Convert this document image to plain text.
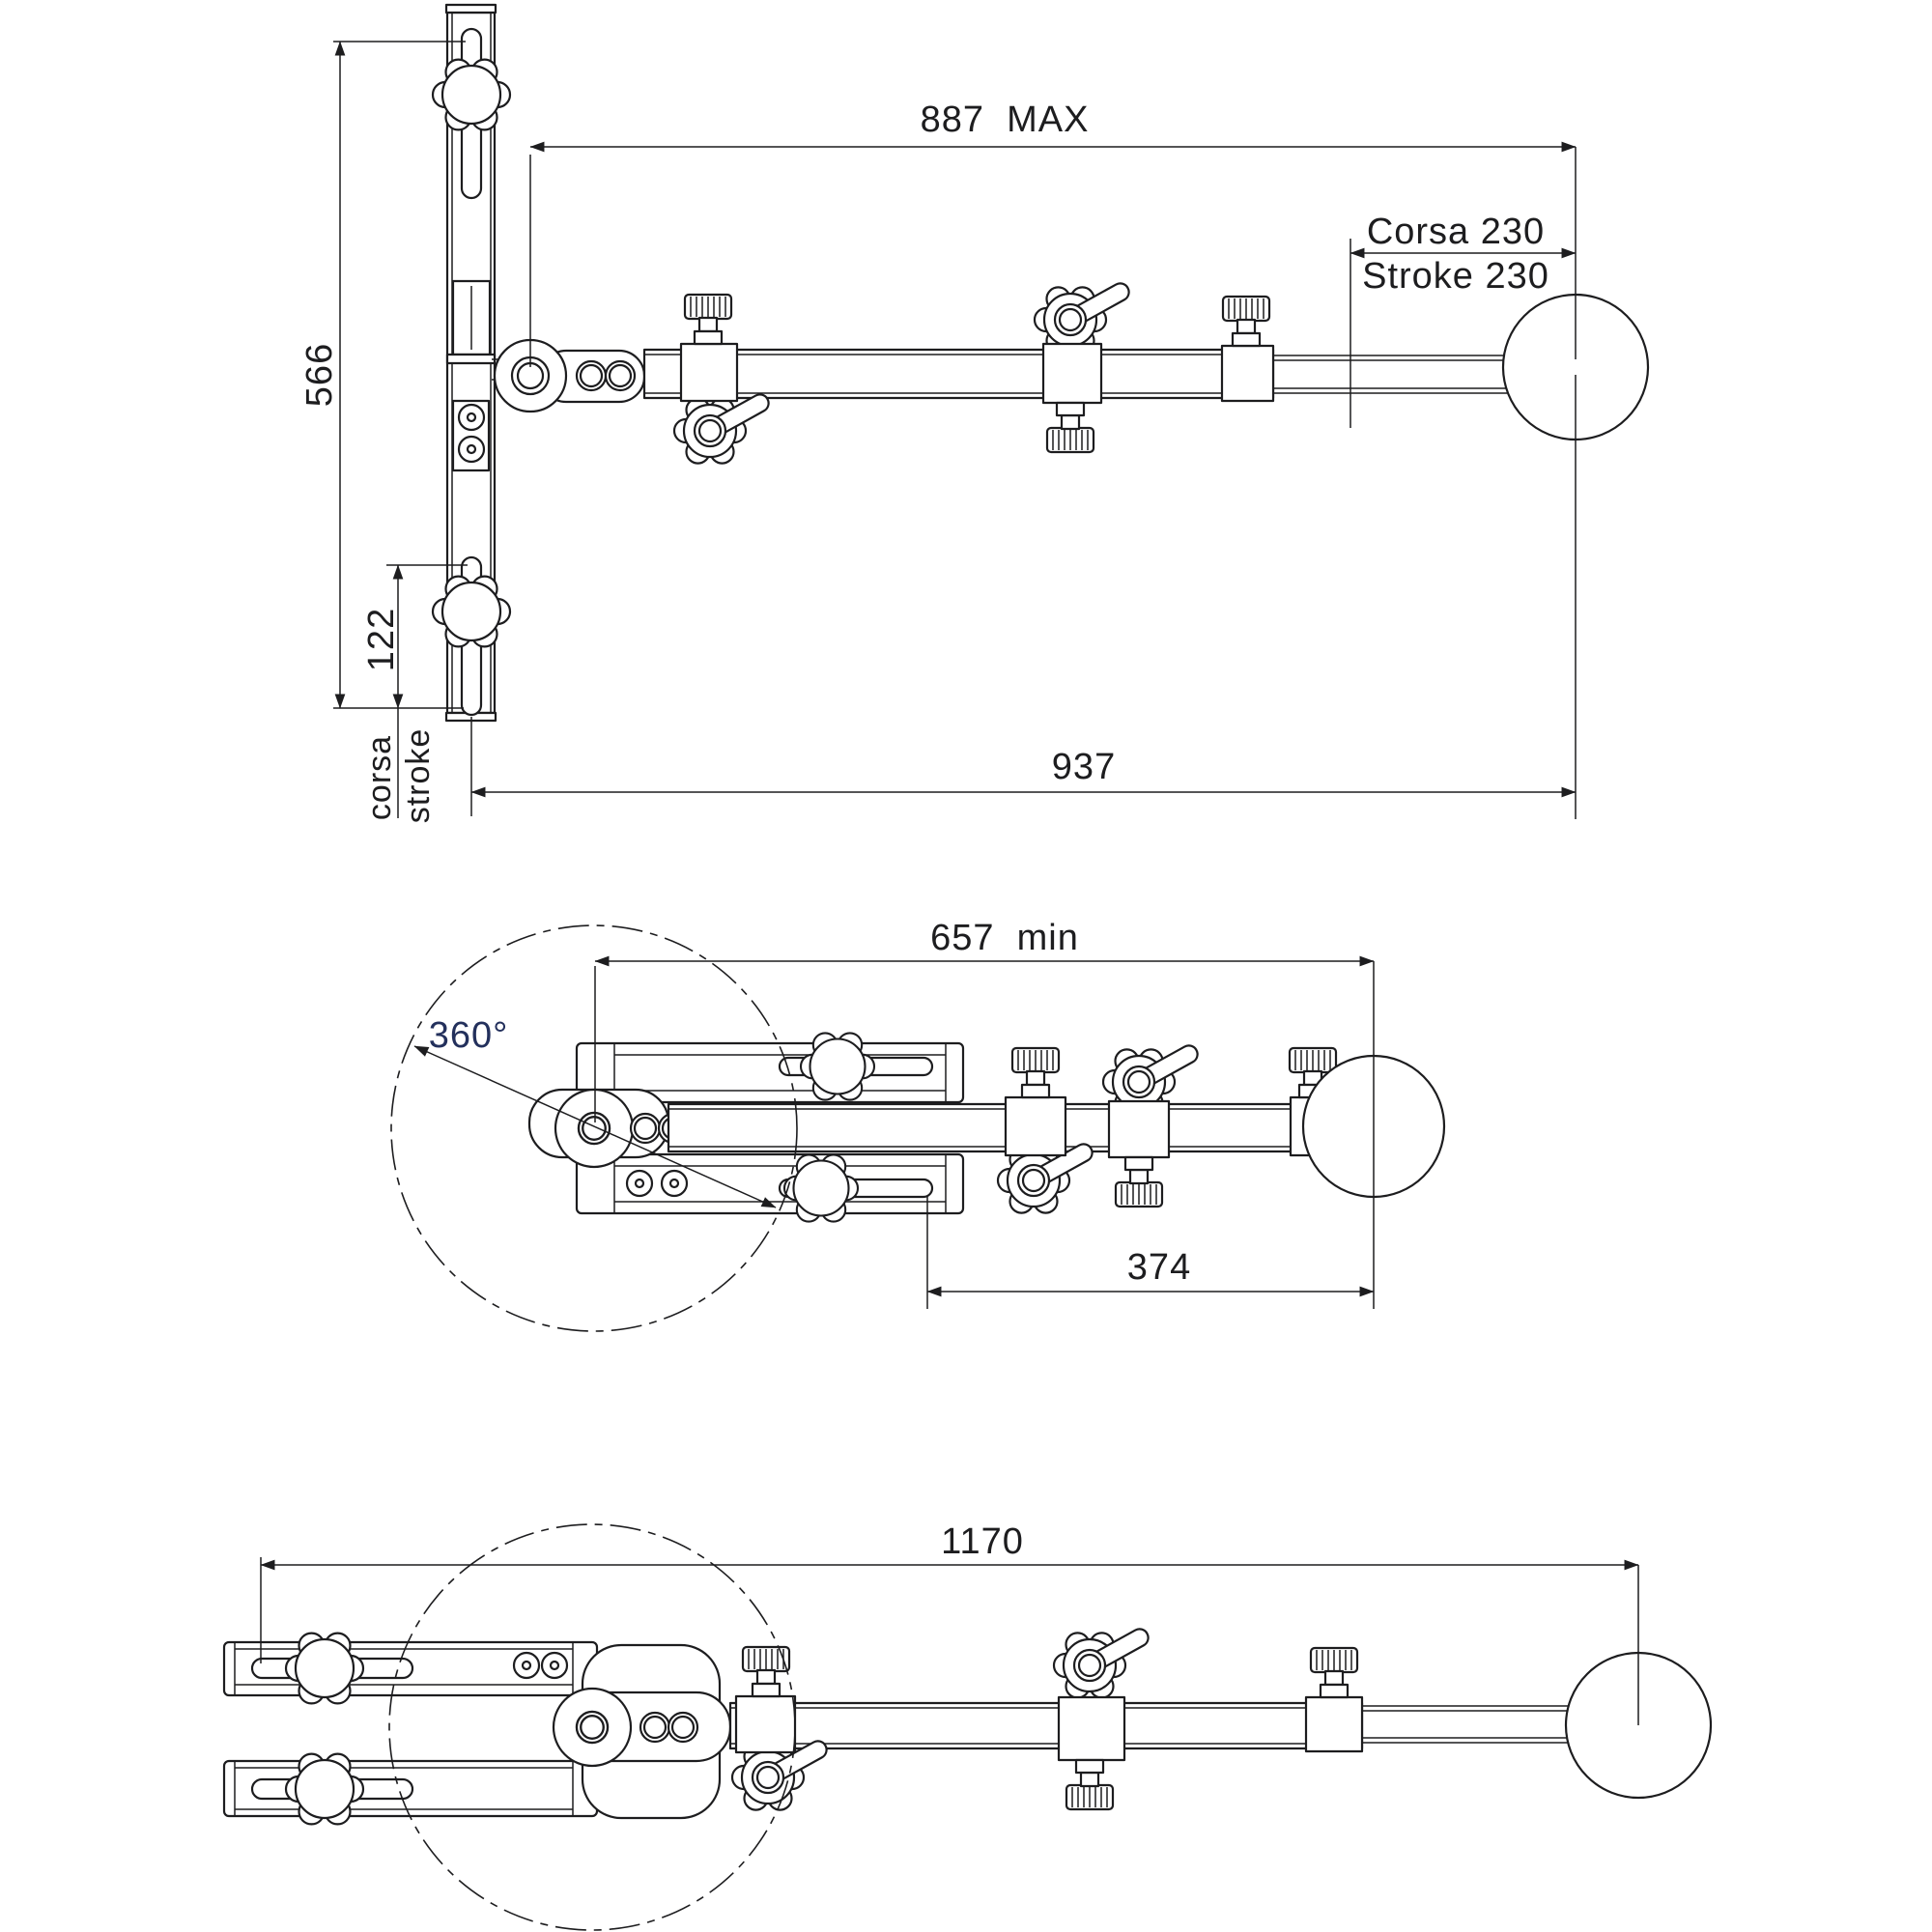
887  MAX
Corsa 230
Stroke 230
566
122
corsa stroke	937
657  min
360°
374
1170
